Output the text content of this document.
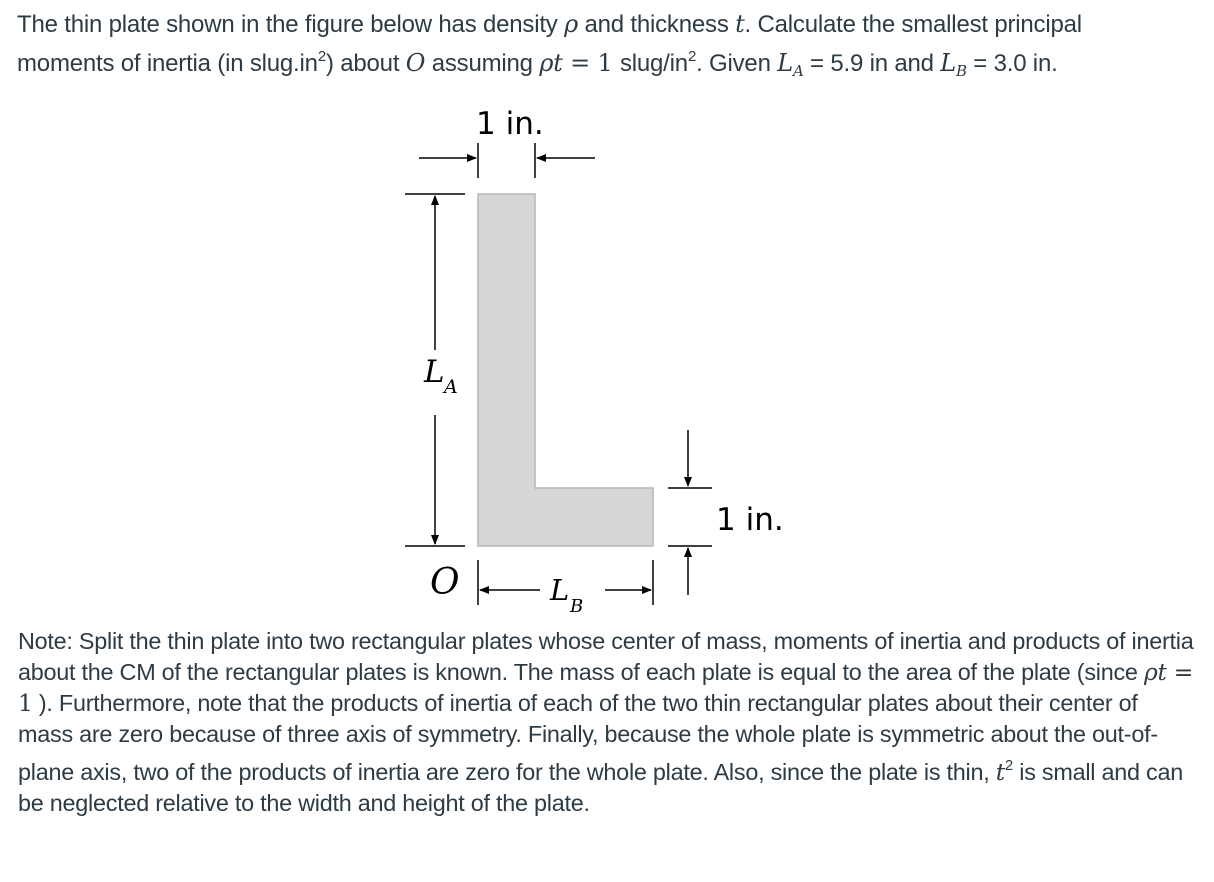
The thin plate shown in the figure below has density ρ and thickness t. Calculate the smallest principal
moments of inertia (in $slug.in^2$) about O assuming ρt = 1 slug/$in^2$. Given $L_A = 5.9$ in and $L_B = 3.0$ in.
1 in.
L A
1 in.
L B
O
Note: Split the thin plate into two rectangular plates whose center of mass, moments of inertia and products of inertia about the CM of the rectangular plates is known. The mass of each plate is equal to the area of the plate (since ρt = 1 ). Furthermore, note that the products of inertia of each of the two thin rectangular plates about their center of mass are zero because of three axis of symmetry. Finally, because the whole plate is symmetric about the out-of-plane axis, two of the products of inertia are zero for the whole plate. Also, since the plate is thin, $t^2$ is small and can be neglected relative to the width and height of the plate.
